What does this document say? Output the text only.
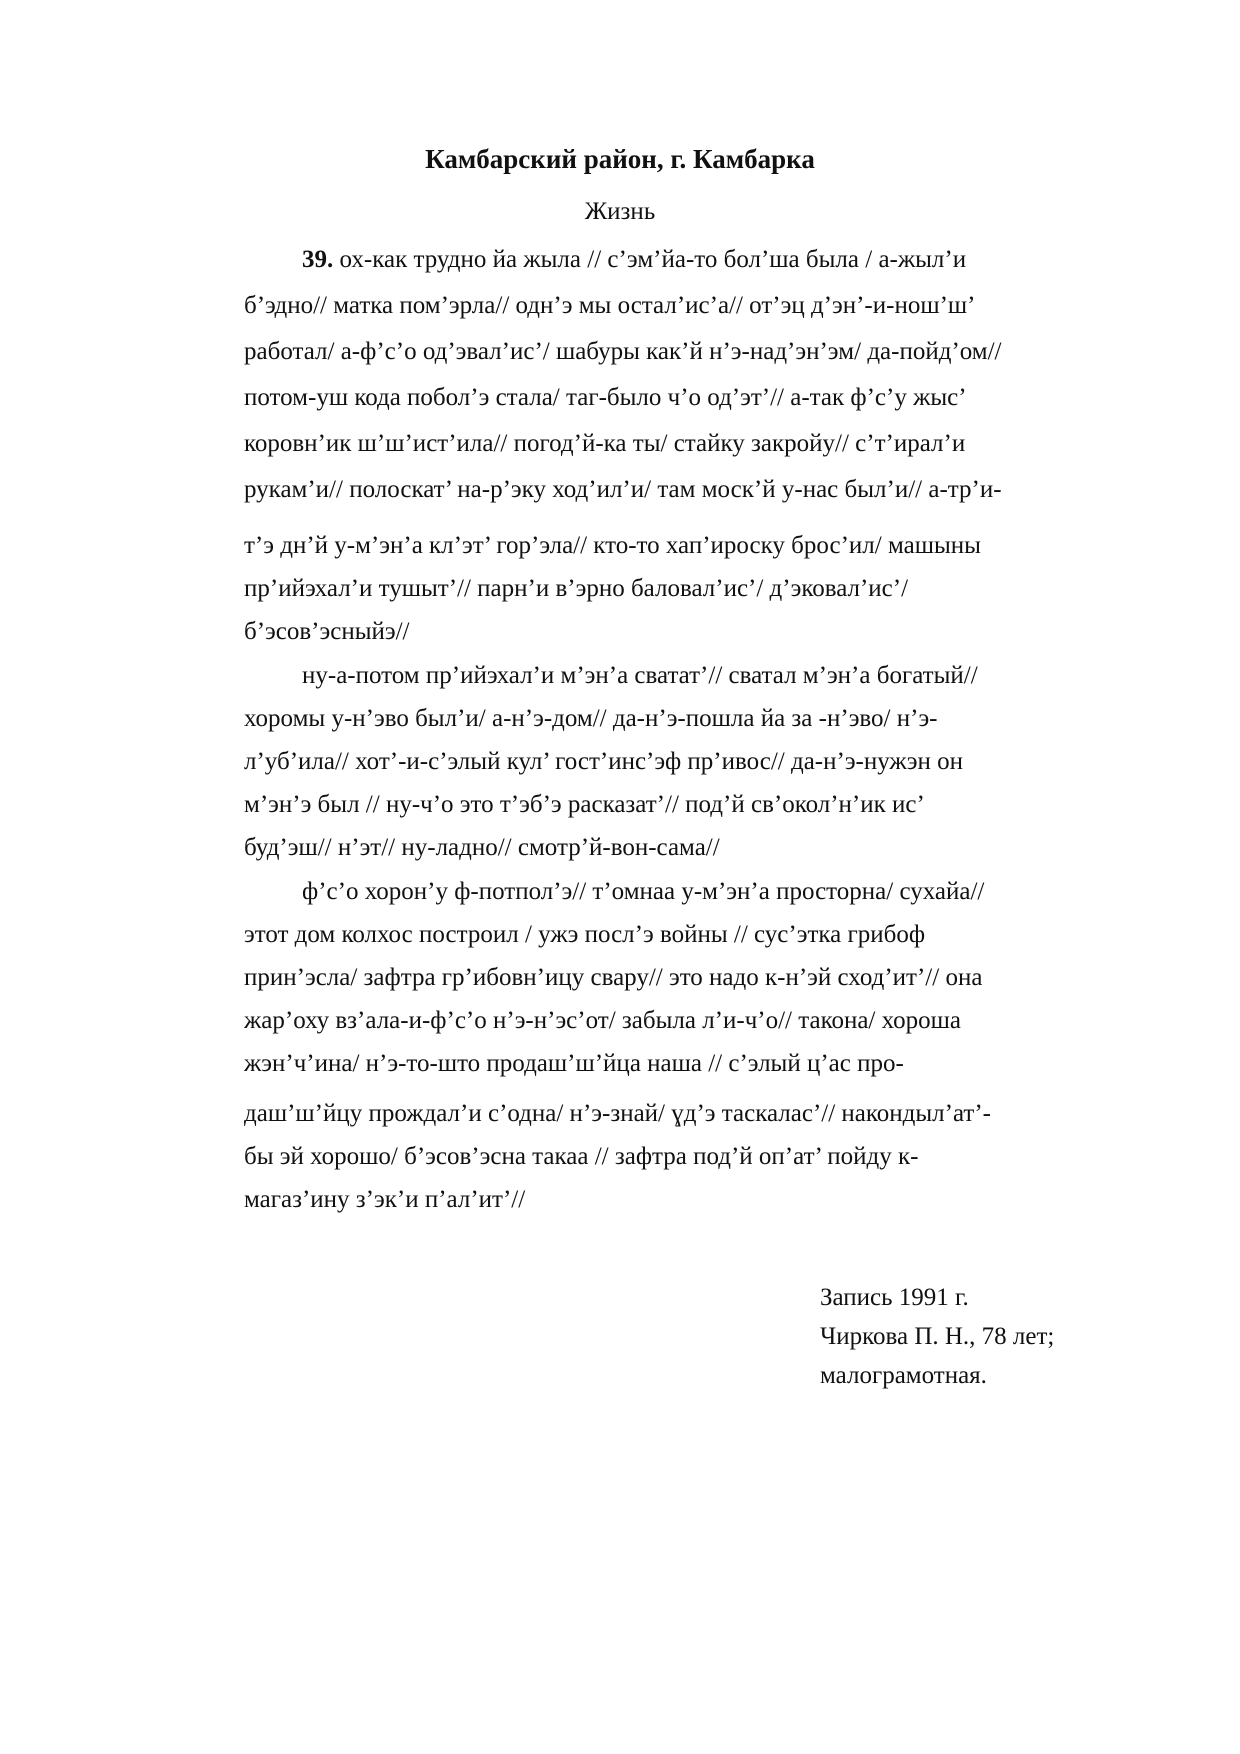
Камбарский район, г. Камбарка
Жизнь
39. ох-как трудно йа жыла // с’эм’йа-то бол’ша была / а-жыл’и
б’эдно// матка пом’эрла// одн’э мы остал’ис’а// от’эц д’эн’-и-нош’ш’
работал/ а-ф’с’о од’эвал’ис’/ шабуры как’й н’э-над’эн’эм/ да-пойд’ом//
потом-уш кода побол’э стала/ таг-было ч’о од’эт’// а-так ф’с’у жыс’
коровн’ик ш’ш’ист’ила// погод’й-ка ты/ стайку закройу// с’т’ирал’и
рукам’и// полоскат’ на-р’эку ход’ил’и/ там моск’й у-нас был’и// а-тр’и-
т’э дн’й у-м’эн’а кл’эт’ гор’эла// кто-то хап’ироску брос’ил/ машыны
пр’ийэхал’и тушыт’// парн’и в’эрно баловал’ис’/ д’эковал’ис’/
б’эсов’эсныйэ//
ну-а-потом пр’ийэхал’и м’эн’а сватат’// сватал м’эн’а богатый//
хоромы у-н’эво был’и/ а-н’э-дом// да-н’э-пошла йа за -н’эво/ н’э-
л’уб’ила// хот’-и-с’элый кул’ гост’инс’эф пр’ивос// да-н’э-нужэн он
м’эн’э был // ну-ч’о это т’эб’э расказат’// под’й св’окол’н’ик ис’
буд’эш// н’эт// ну-ладно// смотр’й-вон-сама//
ф’с’о хорон’у ф-потпол’э// т’омнаа у-м’эн’а просторна/ сухайа//
этот дом колхос построил / ужэ посл’э войны // сус’этка грибоф
прин’эсла/ зафтра гр’ибовн’ицу свару// это надо к-н’эй сход’ит’// она
жар’оху вз’ала-и-ф’с’о н’э-н’эс’от/ забыла л’и-ч’о// такона/ хороша
жэн’ч’ина/ н’э-то-што продаш’ш’йца наша // с’элый ц’ас про-
даш’ш’йцу прождал’и с’одна/ н’э-знай/ ɣд’э таскалас’// накондыл’ат’-
бы эй хорошо/ б’эсов’эсна такаа // зафтра под’й оп’ат’ пойду к-
магаз’ину з’эк’и п’ал’ит’//
Запись 1991 г.
Чиркова П. Н., 78 лет;
малограмотная.
